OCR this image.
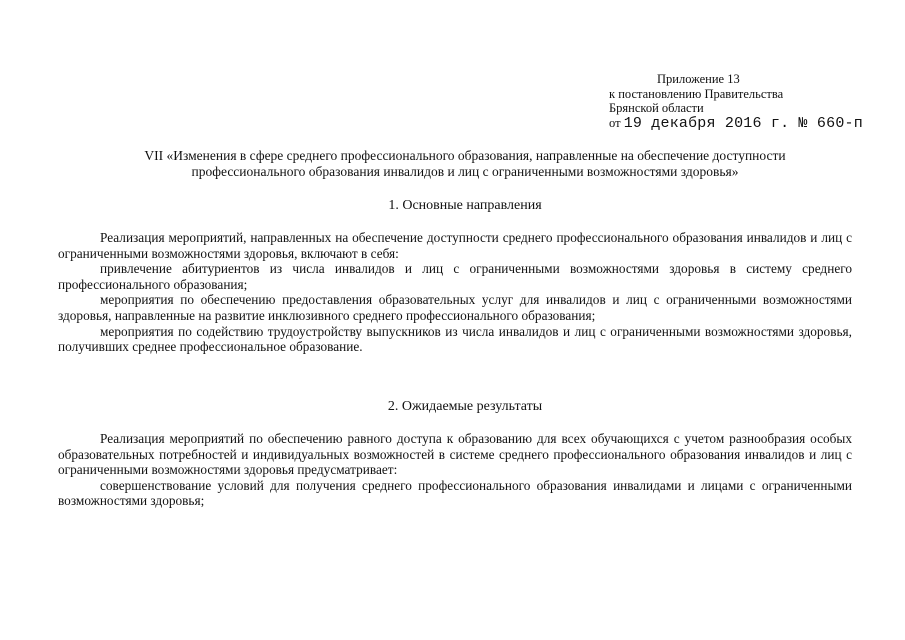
Приложение 13
к постановлению Правительства
Брянской области
от 19 декабря 2016 г. № 660-п
VII «Изменения в сфере среднего профессионального образования, направленные на обеспечение доступности
профессионального образования инвалидов и лиц с ограниченными возможностями здоровья»
1. Основные направления

Реализация мероприятий, направленных на обеспечение доступности среднего профессионального образования инвалидов и лиц с ограниченными возможностями здоровья, включают в себя:

привлечение абитуриентов из числа инвалидов и лиц с ограниченными возможностями здоровья в систему среднего профессионального образования;

мероприятия по обеспечению предоставления образовательных услуг для инвалидов и лиц с ограниченными возможностями здоровья, направленные на развитие инклюзивного среднего профессионального образования;

мероприятия по содействию трудоустройству выпускников из числа инвалидов и лиц с ограниченными возможностями здоровья, получивших среднее профессиональное образование.

2. Ожидаемые результаты

Реализация мероприятий по обеспечению равного доступа к образованию для всех обучающихся с учетом разнообразия особых образовательных потребностей и индивидуальных возможностей в системе среднего профессионального образования инвалидов и лиц с ограниченными возможностями здоровья предусматривает:

совершенствование условий для получения среднего профессионального образования инвалидами и лицами с ограниченными возможностями здоровья;
